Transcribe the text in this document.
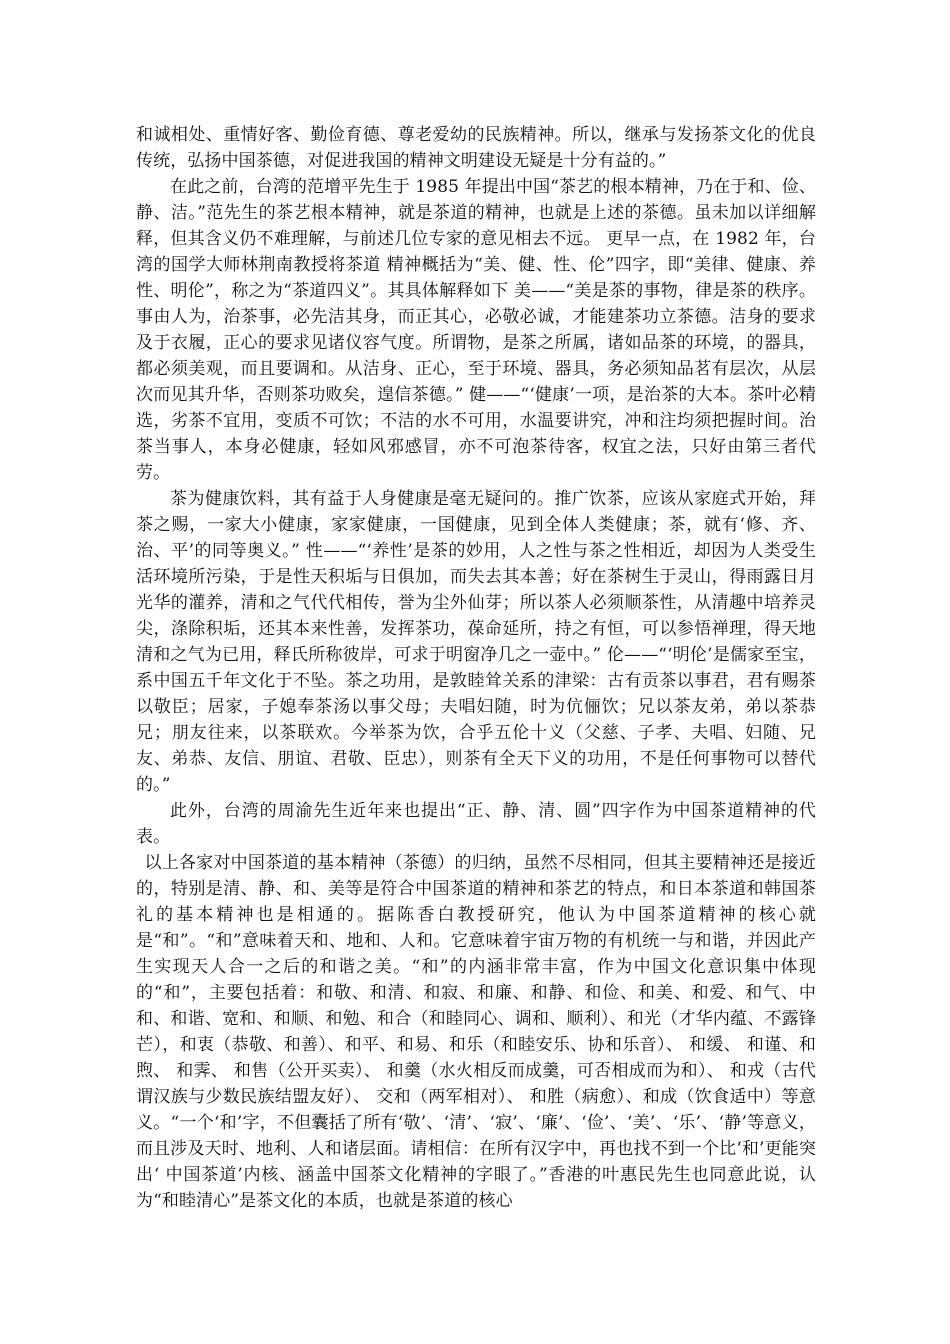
和诚相处、重情好客、勤俭育德、尊老爱幼的民族精神。所以，继承与发扬茶文化的优良传统，弘扬中国茶德，对促进我国的精神文明建设无疑是十分有益的。”

在此之前，台湾的范增平先生于 1985 年提出中国“茶艺的根本精神，乃在于和、俭、静、洁。”范先生的茶艺根本精神，就是茶道的精神，也就是上述的茶德。虽未加以详细解释，但其含义仍不难理解，与前述几位专家的意见相去不远。 更早一点，在 1982 年，台湾的国学大师林荆南教授将茶道 精神概括为“美、健、性、伦”四字，即“美律、健康、养性、明伦”，称之为“茶道四义”。其具体解释如下 美——“美是茶的事物，律是茶的秩序。事由人为，治茶事，必先洁其身，而正其心，必敬必诚，才能建茶功立茶德。洁身的要求及于衣履，正心的要求见诸仪容气度。所谓物，是茶之所属，诸如品茶的环境，的器具，都必须美观，而且要调和。从洁身、正心，至于环境、器具，务必须知品茗有层次，从层次而见其升华，否则茶功败矣，遑信茶德。” 健——“‘健康’一项，是治茶的大本。茶叶必精选，劣茶不宜用，变质不可饮；不洁的水不可用，水温要讲究，冲和注均须把握时间。治茶当事人，本身必健康，轻如风邪感冒，亦不可泡茶待客，权宜之法，只好由第三者代劳。

茶为健康饮料，其有益于人身健康是毫无疑问的。推广饮茶，应该从家庭式开始，拜茶之赐，一家大小健康，家家健康，一国健康，见到全体人类健康；茶，就有‘修、齐、治、平’的同等奥义。” 性——“‘养性’是茶的妙用，人之性与茶之性相近，却因为人类受生活环境所污染，于是性天积垢与日俱加，而失去其本善；好在茶树生于灵山，得雨露日月光华的灌养，清和之气代代相传，誉为尘外仙芽；所以茶人必须顺茶性，从清趣中培养灵尖，涤除积垢，还其本来性善，发挥茶功，葆命延所，持之有恒，可以参悟禅理，得天地清和之气为已用，释氏所称彼岸，可求于明窗净几之一壶中。” 伦——“‘明伦’是儒家至宝，系中国五千年文化于不坠。茶之功用，是敦睦耸关系的津梁：古有贡茶以事君，君有赐茶以敬臣；居家，子媳奉茶汤以事父母；夫唱妇随，时为伉俪饮；兄以茶友弟，弟以茶恭兄；朋友往来，以茶联欢。今举茶为饮，合乎五伦十义（父慈、子孝、夫唱、妇随、兄友、弟恭、友信、朋谊、君敬、臣忠），则茶有全天下义的功用，不是任何事物可以替代的。”

此外，台湾的周渝先生近年来也提出“正、静、清、圆”四字作为中国茶道精神的代表。

以上各家对中国茶道的基本精神（茶德）的归纳，虽然不尽相同，但其主要精神还是接近的，特别是清、静、和、美等是符合中国茶道的精神和茶艺的特点，和日本茶道和韩国茶礼的基本精神也是相通的。据陈香白教授研究，他认为中国茶道精神的核心就是“和”。“和”意味着天和、地和、人和。它意味着宇宙万物的有机统一与和谐，并因此产生实现天人合一之后的和谐之美。“和”的内涵非常丰富，作为中国文化意识集中体现的“和”，主要包括着：和敬、和清、和寂、和廉、和静、和俭、和美、和爱、和气、中和、和谐、宽和、和顺、和勉、和合（和睦同心、调和、顺利）、和光（才华内蕴、不露锋芒），和衷（恭敬、和善）、和平、和易、和乐（和睦安乐、协和乐音）、 和缓、 和谨、和煦、 和霁、 和售（公开买卖）、 和羹（水火相反而成羹，可否相成而为和）、 和戎（古代谓汉族与少数民族结盟友好）、 交和（两军相对）、 和胜（病愈）、和成（饮食适中）等意义。“一个‘和’字，不但囊括了所有‘敬’、‘清’、‘寂’、‘廉’、‘俭’、‘美’、‘乐’、‘静’等意义，而且涉及天时、地利、人和诸层面。请相信：在所有汉字中，再也找不到一个比‘和’更能突出‘ 中国茶道’内核、涵盖中国茶文化精神的字眼了。”香港的叶惠民先生也同意此说，认为“和睦清心”是茶文化的本质，也就是茶道的核心
